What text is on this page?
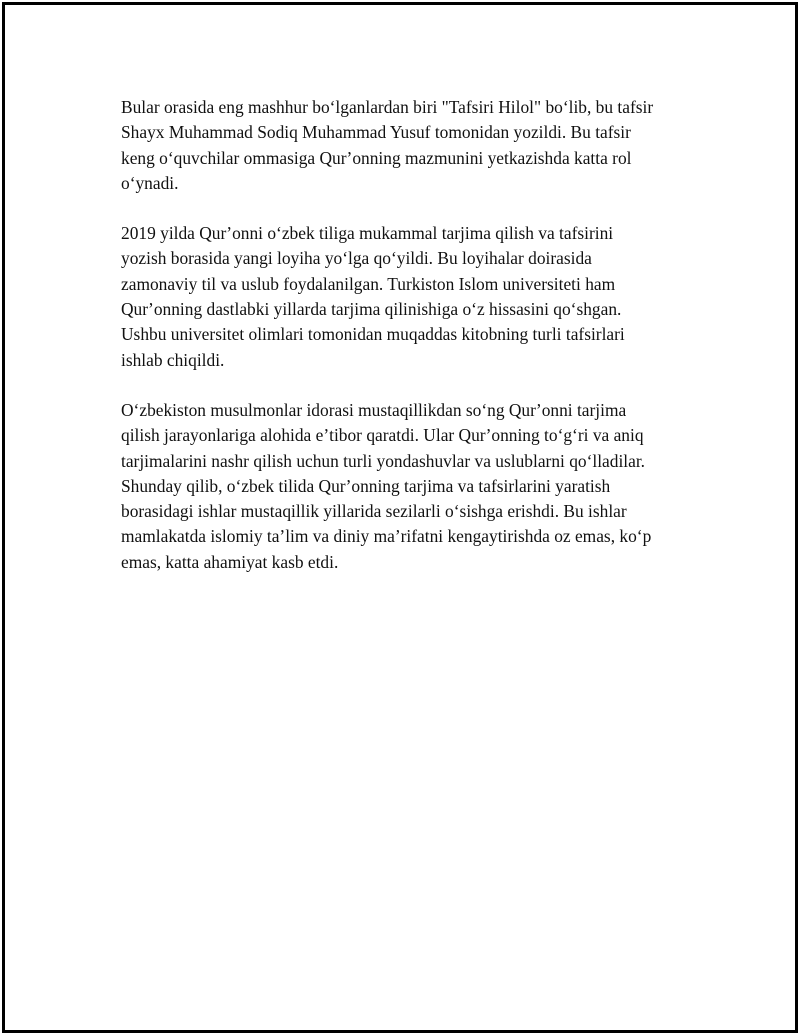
Bular orasida eng mashhur boʻlganlardan biri "Tafsiri Hilol" boʻlib, bu tafsir
Shayx Muhammad Sodiq Muhammad Yusuf tomonidan yozildi. Bu tafsir
keng oʻquvchilar ommasiga Qurʼonning mazmunini yetkazishda katta rol
oʻynadi.

2019 yilda Qurʼonni oʻzbek tiliga mukammal tarjima qilish va tafsirini
yozish borasida yangi loyiha yoʻlga qoʻyildi. Bu loyihalar doirasida
zamonaviy til va uslub foydalanilgan. Turkiston Islom universiteti ham
Qurʼonning dastlabki yillarda tarjima qilinishiga oʻz hissasini qoʻshgan.
Ushbu universitet olimlari tomonidan muqaddas kitobning turli tafsirlari
ishlab chiqildi.

Oʻzbekiston musulmonlar idorasi mustaqillikdan soʻng Qurʼonni tarjima
qilish jarayonlariga alohida eʼtibor qaratdi. Ular Qurʼonning toʻgʻri va aniq
tarjimalarini nashr qilish uchun turli yondashuvlar va uslublarni qoʻlladilar.
Shunday qilib, oʻzbek tilida Qurʼonning tarjima va tafsirlarini yaratish
borasidagi ishlar mustaqillik yillarida sezilarli oʻsishga erishdi. Bu ishlar
mamlakatda islomiy taʼlim va diniy maʼrifatni kengaytirishda oz emas, koʻp
emas, katta ahamiyat kasb etdi.
